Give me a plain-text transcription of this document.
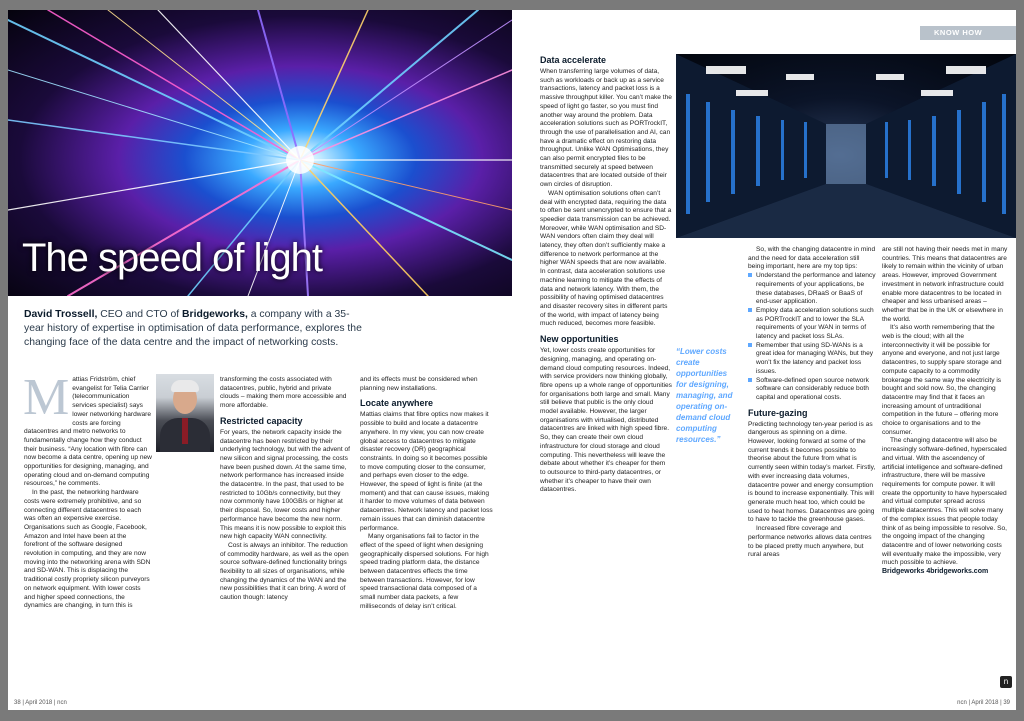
The speed of light
David Trossell, CEO and CTO of Bridgeworks, a company with a 35-year history of expertise in optimisation of data performance, explores the changing face of the data centre and the impact of networking costs.
M attias Fridström, chief evangelist for Telia Carrier (telecommunication services specialist) says lower networking hardware costs are forcing datacentres and metro networks to fundamentally change how they conduct their business. “Any location with fibre can now become a data centre, opening up new opportunities for designing, managing, and operating cloud and on-demand computing resources,” he comments.

In the past, the networking hardware costs were extremely prohibitive, and so connecting different datacentres to each was often an expensive exercise. Organisations such as Google, Facebook, Amazon and Intel have been at the forefront of the software designed revolution in computing, and they are now moving into the networking arena with SDN and SD-WAN. This is displacing the traditional costly propriety silicon purveyors on network equipment. With lower costs and higher speed connections, the dynamics are changing, in turn this is

transforming the costs associated with datacentres, public, hybrid and private clouds – making them more accessible and more affordable.

Restricted capacity

For years, the network capacity inside the datacentre has been restricted by their underlying technology, but with the advent of new silicon and signal processing, the costs have been pushed down. At the same time, network performance has increased inside the datacentre. In the past, that used to be restricted to 10Gb/s connectivity, but they now commonly have 100GB/s or higher at their disposal. So, lower costs and higher performance have become the new norm. This means it is now possible to exploit this new high capacity WAN connectivity.

Cost is always an inhibitor. The reduction of commodity hardware, as well as the open source software-defined functionality brings flexibility to all sizes of organisations, while changing the dynamics of the WAN and the new possibilities that it can bring. A word of caution though: latency

and its effects must be considered when planning new installations.

Locate anywhere

Mattias claims that fibre optics now makes it possible to build and locate a datacentre anywhere. In my view, you can now create global access to datacentres to mitigate disaster recovery (DR) geographical constraints. In doing so it becomes possible to move computing closer to the consumer, and perhaps even closer to the edge. However, the speed of light is finite (at the moment) and that can cause issues, making it harder to move volumes of data between datacentres. Network latency and packet loss remain issues that can diminish datacentre performance.

Many organisations fail to factor in the effect of the speed of light when designing geographically dispersed solutions. For high speed trading platform data, the distance between datacentres effects the time between transactions. However, for low speed transactional data composed of a small number data packets, a few milliseconds of delay isn’t critical.

38 | April 2018 | ncn
Data accelerate

When transferring large volumes of data, such as workloads or back up as a service transactions, latency and packet loss is a massive throughput killer. You can’t make the speed of light go faster, so you must find another way around the problem. Data acceleration solutions such as PORTrockIT, through the use of parallelisation and AI, can have a dramatic effect on restoring data throughput. Unlike WAN Optimisations, they can also permit encrypted files to be transmitted securely at speed between datacentres that are located outside of their own circles of disruption.

WAN optimisation solutions often can’t deal with encrypted data, requiring the data to often be sent unencrypted to ensure that a speedier data transmission can be achieved. Moreover, while WAN optimisation and SD-WAN vendors often claim they deal will latency, they often don’t sufficiently make a difference to network performance at the higher WAN speeds that are now available. In contrast, data acceleration solutions use machine learning to mitigate the effects of data and network latency. With them, the possibility of having optimised datacentres and disaster recovery sites in different parts of the world, with impact of latency being much reduced, becomes more feasible.

New opportunities

Yet, lower costs create opportunities for designing, managing, and operating on-demand cloud computing resources. Indeed, with service providers now thinking globally, fibre opens up a whole range of opportunities for organisations both large and small. Many still believe that public is the only cloud model available. However, the larger organisations with virtualised, distributed datacentres are linked with high speed fibre. So, they can create their own cloud infrastructure for cloud storage and cloud computing. This nevertheless will leave the debate about whether it’s cheaper for them to outsource to third-party datacentres, or whether it’s cheaper to have their own datacentres.

KNOW HOW
“Lower costs create opportunities for designing, managing, and operating on-demand cloud computing resources.”

So, with the changing datacentre in mind and the need for data acceleration still being important, here are my top tips:

Understand the performance and latency requirements of your applications, be these databases, DRaaS or BaaS of end-user application.

Employ data acceleration solutions such as PORTrockIT and to lower the SLA requirements of your WAN in terms of latency and packet loss SLAs.

Remember that using SD-WANs is a great idea for managing WANs, but they won’t fix the latency and packet loss issues.

Software-defined open source network software can considerably reduce both capital and operational costs.

Future-gazing

Predicting technology ten-year period is as dangerous as spinning on a dime. However, looking forward at some of the current trends it becomes possible to theorise about the future from what is currently seen within today’s market. Firstly, with ever increasing data volumes, datacentre power and energy consumption is bound to increase exponentially. This will generate much heat too, which could be used to heat homes. Datacentres are going to have to tackle the greenhouse gases.

Increased fibre coverage and performance networks allows data centres to be placed pretty much anywhere, but rural areas

are still not having their needs met in many countries. This means that datacentres are likely to remain within the vicinity of urban areas. However, improved Government investment in network infrastructure could enable more datacentres to be located in cheaper and less urbanised areas – whether that be in the UK or elsewhere in the world.

It’s also worth remembering that the web is the cloud; with all the interconnectivity it will be possible for anyone and everyone, and not just large datacentres, to supply spare storage and compute capacity to a commodity brokerage the same way the electricity is bought and sold now. So, the changing datacentre may find that it faces an increasing amount of untraditional competition in the future – offering more choice to organisations and to the consumer.

The changing datacentre will also be increasingly software-defined, hyperscaled and virtual. With the ascendency of artificial intelligence and software-defined infrastructure, there will be massive requirements for compute power. It will create the opportunity to have hyperscaled and virtual computer spread across multiple datacentres. This will solve many of the complex issues that people today think of as being impossible to resolve. So, the ongoing impact of the changing datacentre and of lower networking costs will eventually make the impossible, very much possible to achieve.

Bridgeworks 4bridgeworks.com

n
ncn | April 2018 | 39
